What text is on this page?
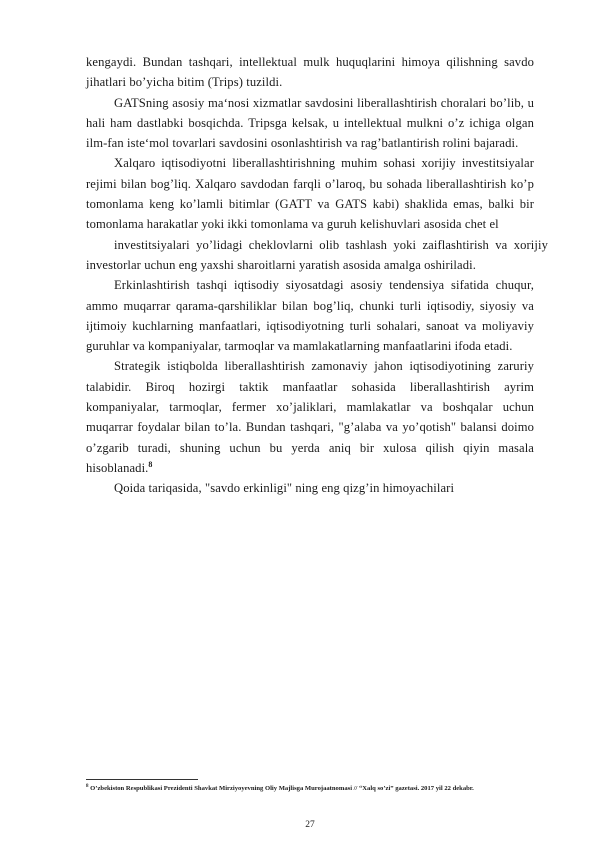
kengaydi. Bundan tashqari, intellektual mulk huquqlarini himoya qilishning savdo jihatlari bo’yicha bitim (Trips) tuzildi.

GATSning asosiy ma‘nosi xizmatlar savdosini liberallashtirish choralari bo’lib, u hali ham dastlabki bosqichda. Tripsga kelsak, u intellektual mulkni o’z ichiga olgan ilm-fan iste‘mol tovarlari savdosini osonlashtirish va rag’batlantirish rolini bajaradi.

Xalqaro iqtisodiyotni liberallashtirishning muhim sohasi xorijiy investitsiyalar rejimi bilan bog’liq. Xalqaro savdodan farqli o’laroq, bu sohada liberallashtirish ko’p tomonlama keng ko’lamli bitimlar (GATT va GATS kabi) shaklida emas, balki bir tomonlama harakatlar yoki ikki tomonlama va guruh kelishuvlari asosida chet el

investitsiyalari yo’lidagi cheklovlarni olib tashlash yoki zaiflashtirish va xorijiy investorlar uchun eng yaxshi sharoitlarni yaratish asosida amalga oshiriladi.

Erkinlashtirish tashqi iqtisodiy siyosatdagi asosiy tendensiya sifatida chuqur, ammo muqarrar qarama-qarshiliklar bilan bog’liq, chunki turli iqtisodiy, siyosiy va ijtimoiy kuchlarning manfaatlari, iqtisodiyotning turli sohalari, sanoat va moliyaviy guruhlar va kompaniyalar, tarmoqlar va mamlakatlarning manfaatlarini ifoda etadi.

Strategik istiqbolda liberallashtirish zamonaviy jahon iqtisodiyotining zaruriy talabidir. Biroq hozirgi taktik manfaatlar sohasida liberallashtirish ayrim kompaniyalar, tarmoqlar, fermer xo’jaliklari, mamlakatlar va boshqalar uchun muqarrar foydalar bilan to’la. Bundan tashqari, "g’alaba va yo’qotish" balansi doimo o’zgarib turadi, shuning uchun bu yerda aniq bir xulosa qilish qiyin masala hisoblanadi.$^8$

Qoida tariqasida, "savdo erkinligi" ning eng qizg’in himoyachilari

$^8$ O’zbekiston Respublikasi Prezidenti Shavkat Mirziyoyevning Oliy Majlisga Murojaatnomasi // “Xalq so’zi” gazetasi. 2017 yil 22 dekabr.
27
